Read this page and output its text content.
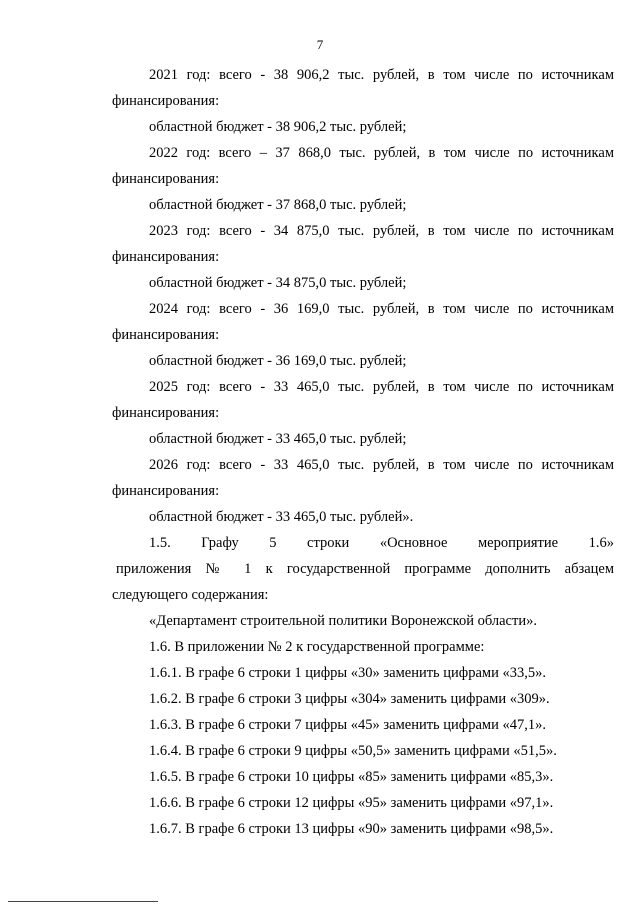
7
2021 год: всего - 38 906,2 тыс. рублей, в том числе по источникам
финансирования:
областной бюджет - 38 906,2 тыс. рублей;
2022 год: всего – 37 868,0 тыс. рублей, в том числе по источникам
финансирования:
областной бюджет - 37 868,0 тыс. рублей;
2023 год: всего - 34 875,0 тыс. рублей, в том числе по источникам
финансирования:
областной бюджет - 34 875,0 тыс. рублей;
2024 год: всего - 36 169,0 тыс. рублей, в том числе по источникам
финансирования:
областной бюджет - 36 169,0 тыс. рублей;
2025 год: всего - 33 465,0 тыс. рублей, в том числе по источникам
финансирования:
областной бюджет - 33 465,0 тыс. рублей;
2026 год: всего - 33 465,0 тыс. рублей, в том числе по источникам
финансирования:
областной бюджет - 33 465,0 тыс. рублей».
1.5. Графу 5 строки «Основное мероприятие 1.6»
приложения № 1 к государственной программе дополнить абзацем
следующего содержания:
«Департамент строительной политики Воронежской области».
1.6. В приложении № 2 к государственной программе:
1.6.1. В графе 6 строки 1 цифры «30» заменить цифрами «33,5».
1.6.2. В графе 6 строки 3 цифры «304» заменить цифрами «309».
1.6.3. В графе 6 строки 7 цифры «45» заменить цифрами «47,1».
1.6.4. В графе 6 строки 9 цифры «50,5» заменить цифрами «51,5».
1.6.5. В графе 6 строки 10 цифры «85» заменить цифрами «85,3».
1.6.6. В графе 6 строки 12 цифры «95» заменить цифрами «97,1».
1.6.7. В графе 6 строки 13 цифры «90» заменить цифрами «98,5».
